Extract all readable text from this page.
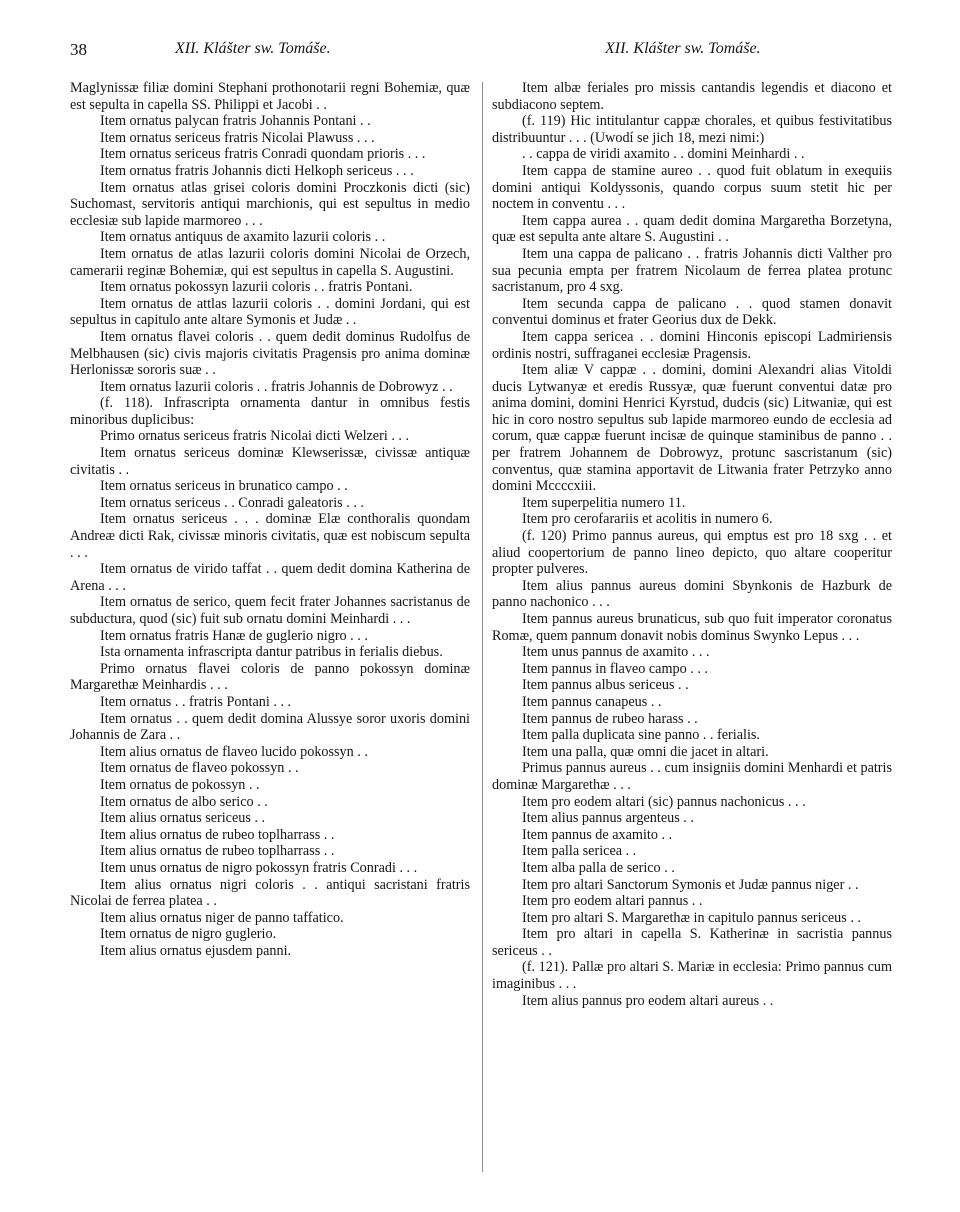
38	XII. Klášter sw. Tomáše.	XII. Klášter sw. Tomáše.

Maglynissæ filiæ domini Stephani prothonotarii regni Bohemiæ, quæ est sepulta in capella SS. Philippi et Jacobi . .

Item ornatus palycan fratris Johannis Pontani . .

Item ornatus sericeus fratris Nicolai Plawuss . . .

Item ornatus sericeus fratris Conradi quondam prioris . . .

Item ornatus fratris Johannis dicti Helkoph sericeus . . .

Item ornatus atlas grisei coloris domini Proczkonis dicti (sic) Suchomast, servitoris antiqui marchionis, qui est sepultus in medio ecclesiæ sub lapide marmoreo . . .

Item ornatus antiquus de axamito lazurii coloris . .

Item ornatus de atlas lazurii coloris domini Nicolai de Orzech, camerarii reginæ Bohemiæ, qui est sepultus in capella S. Augustini.

Item ornatus pokossyn lazurii coloris . . fratris Pontani.

Item ornatus de attlas lazurii coloris . . domini Jordani, qui est sepultus in capitulo ante altare Symonis et Judæ . .

Item ornatus flavei coloris . . quem dedit dominus Rudolfus de Melbhausen (sic) civis majoris civitatis Pragensis pro anima dominæ Herlonissæ sororis suæ . .

Item ornatus lazurii coloris . . fratris Johannis de Dobrowyz . .

(f. 118). Infrascripta ornamenta dantur in omnibus festis minoribus duplicibus:

Primo ornatus sericeus fratris Nicolai dicti Welzeri . . .

Item ornatus sericeus dominæ Klewserissæ, civissæ antiquæ civitatis . .

Item ornatus sericeus in brunatico campo . .

Item ornatus sericeus . . Conradi galeatoris . . .

Item ornatus sericeus . . . dominæ Elæ conthoralis quondam Andreæ dicti Rak, civissæ minoris civitatis, quæ est nobiscum sepulta . . .

Item ornatus de virido taffat . . quem dedit domina Katherina de Arena . . .

Item ornatus de serico, quem fecit frater Johannes sacristanus de subductura, quod (sic) fuit sub ornatu domini Meinhardi . . .

Item ornatus fratris Hanæ de guglerio nigro . . .

Ista ornamenta infrascripta dantur patribus in ferialis diebus.

Primo ornatus flavei coloris de panno pokossyn dominæ Margarethæ Meinhardis . . .

Item ornatus . . fratris Pontani . . .

Item ornatus . . quem dedit domina Alussye soror uxoris domini Johannis de Zara . .

Item alius ornatus de flaveo lucido pokossyn . .

Item ornatus de flaveo pokossyn . .

Item ornatus de pokossyn . .

Item ornatus de albo serico . .

Item alius ornatus sericeus . .

Item alius ornatus de rubeo toplharrass . .

Item alius ornatus de rubeo toplharrass . .

Item unus ornatus de nigro pokossyn fratris Conradi . . .

Item alius ornatus nigri coloris . . antiqui sacristani fratris Nicolai de ferrea platea . .

Item alius ornatus niger de panno taffatico.

Item ornatus de nigro guglerio.

Item alius ornatus ejusdem panni.

Item albæ feriales pro missis cantandis legendis et diacono et subdiacono septem.

(f. 119) Hic intitulantur cappæ chorales, et quibus festivitatibus distribuuntur . . . (Uwodí se jich 18, mezi nimi:)

. . cappa de viridi axamito . . domini Meinhardi . .

Item cappa de stamine aureo . . quod fuit oblatum in exequiis domini antiqui Koldyssonis, quando corpus suum stetit hic per noctem in conventu . . .

Item cappa aurea . . quam dedit domina Margaretha Borzetyna, quæ est sepulta ante altare S. Augustini . .

Item una cappa de palicano . . fratris Johannis dicti Valther pro sua pecunia empta per fratrem Nicolaum de ferrea platea protunc sacristanum, pro 4 sxg.

Item secunda cappa de palicano . . quod stamen donavit conventui dominus et frater Georius dux de Dekk.

Item cappa sericea . . domini Hinconis episcopi Ladmiriensis ordinis nostri, suffraganei ecclesiæ Pragensis.

Item aliæ V cappæ . . domini, domini Alexandri alias Vitoldi ducis Lytwanyæ et eredis Russyæ, quæ fuerunt conventui datæ pro anima domini, domini Henrici Kyrstud, dudcis (sic) Litwaniæ, qui est hic in coro nostro sepultus sub lapide marmoreo eundo de ecclesia ad corum, quæ cappæ fuerunt incisæ de quinque staminibus de panno . . per fratrem Johannem de Dobrowyz, protunc sascristanum (sic) conventus, quæ stamina apportavit de Litwania frater Petrzyko anno domini Mccccxiii.

Item superpelitia numero 11.

Item pro cerofarariis et acolitis in numero 6.

(f. 120) Primo pannus aureus, qui emptus est pro 18 sxg . . et aliud coopertorium de panno lineo depicto, quo altare cooperitur propter pulveres.

Item alius pannus aureus domini Sbynkonis de Hazburk de panno nachonico . . .

Item pannus aureus brunaticus, sub quo fuit imperator coronatus Romæ, quem pannum donavit nobis dominus Swynko Lepus . . .

Item unus pannus de axamito . . .

Item pannus in flaveo campo . . .

Item pannus albus sericeus . .

Item pannus canapeus . .

Item pannus de rubeo harass . .

Item palla duplicata sine panno . . ferialis.

Item una palla, quæ omni die jacet in altari.

Primus pannus aureus . . cum insigniis domini Menhardi et patris dominæ Margarethæ . . .

Item pro eodem altari (sic) pannus nachonicus . . .

Item alius pannus argenteus . .

Item pannus de axamito . .

Item palla sericea . .

Item alba palla de serico . .

Item pro altari Sanctorum Symonis et Judæ pannus niger . .

Item pro eodem altari pannus . .

Item pro altari S. Margarethæ in capitulo pannus sericeus . .

Item pro altari in capella S. Katherinæ in sacristia pannus sericeus . .

(f. 121). Pallæ pro altari S. Mariæ in ecclesia: Primo pannus cum imaginibus . . .

Item alius pannus pro eodem altari aureus . .
